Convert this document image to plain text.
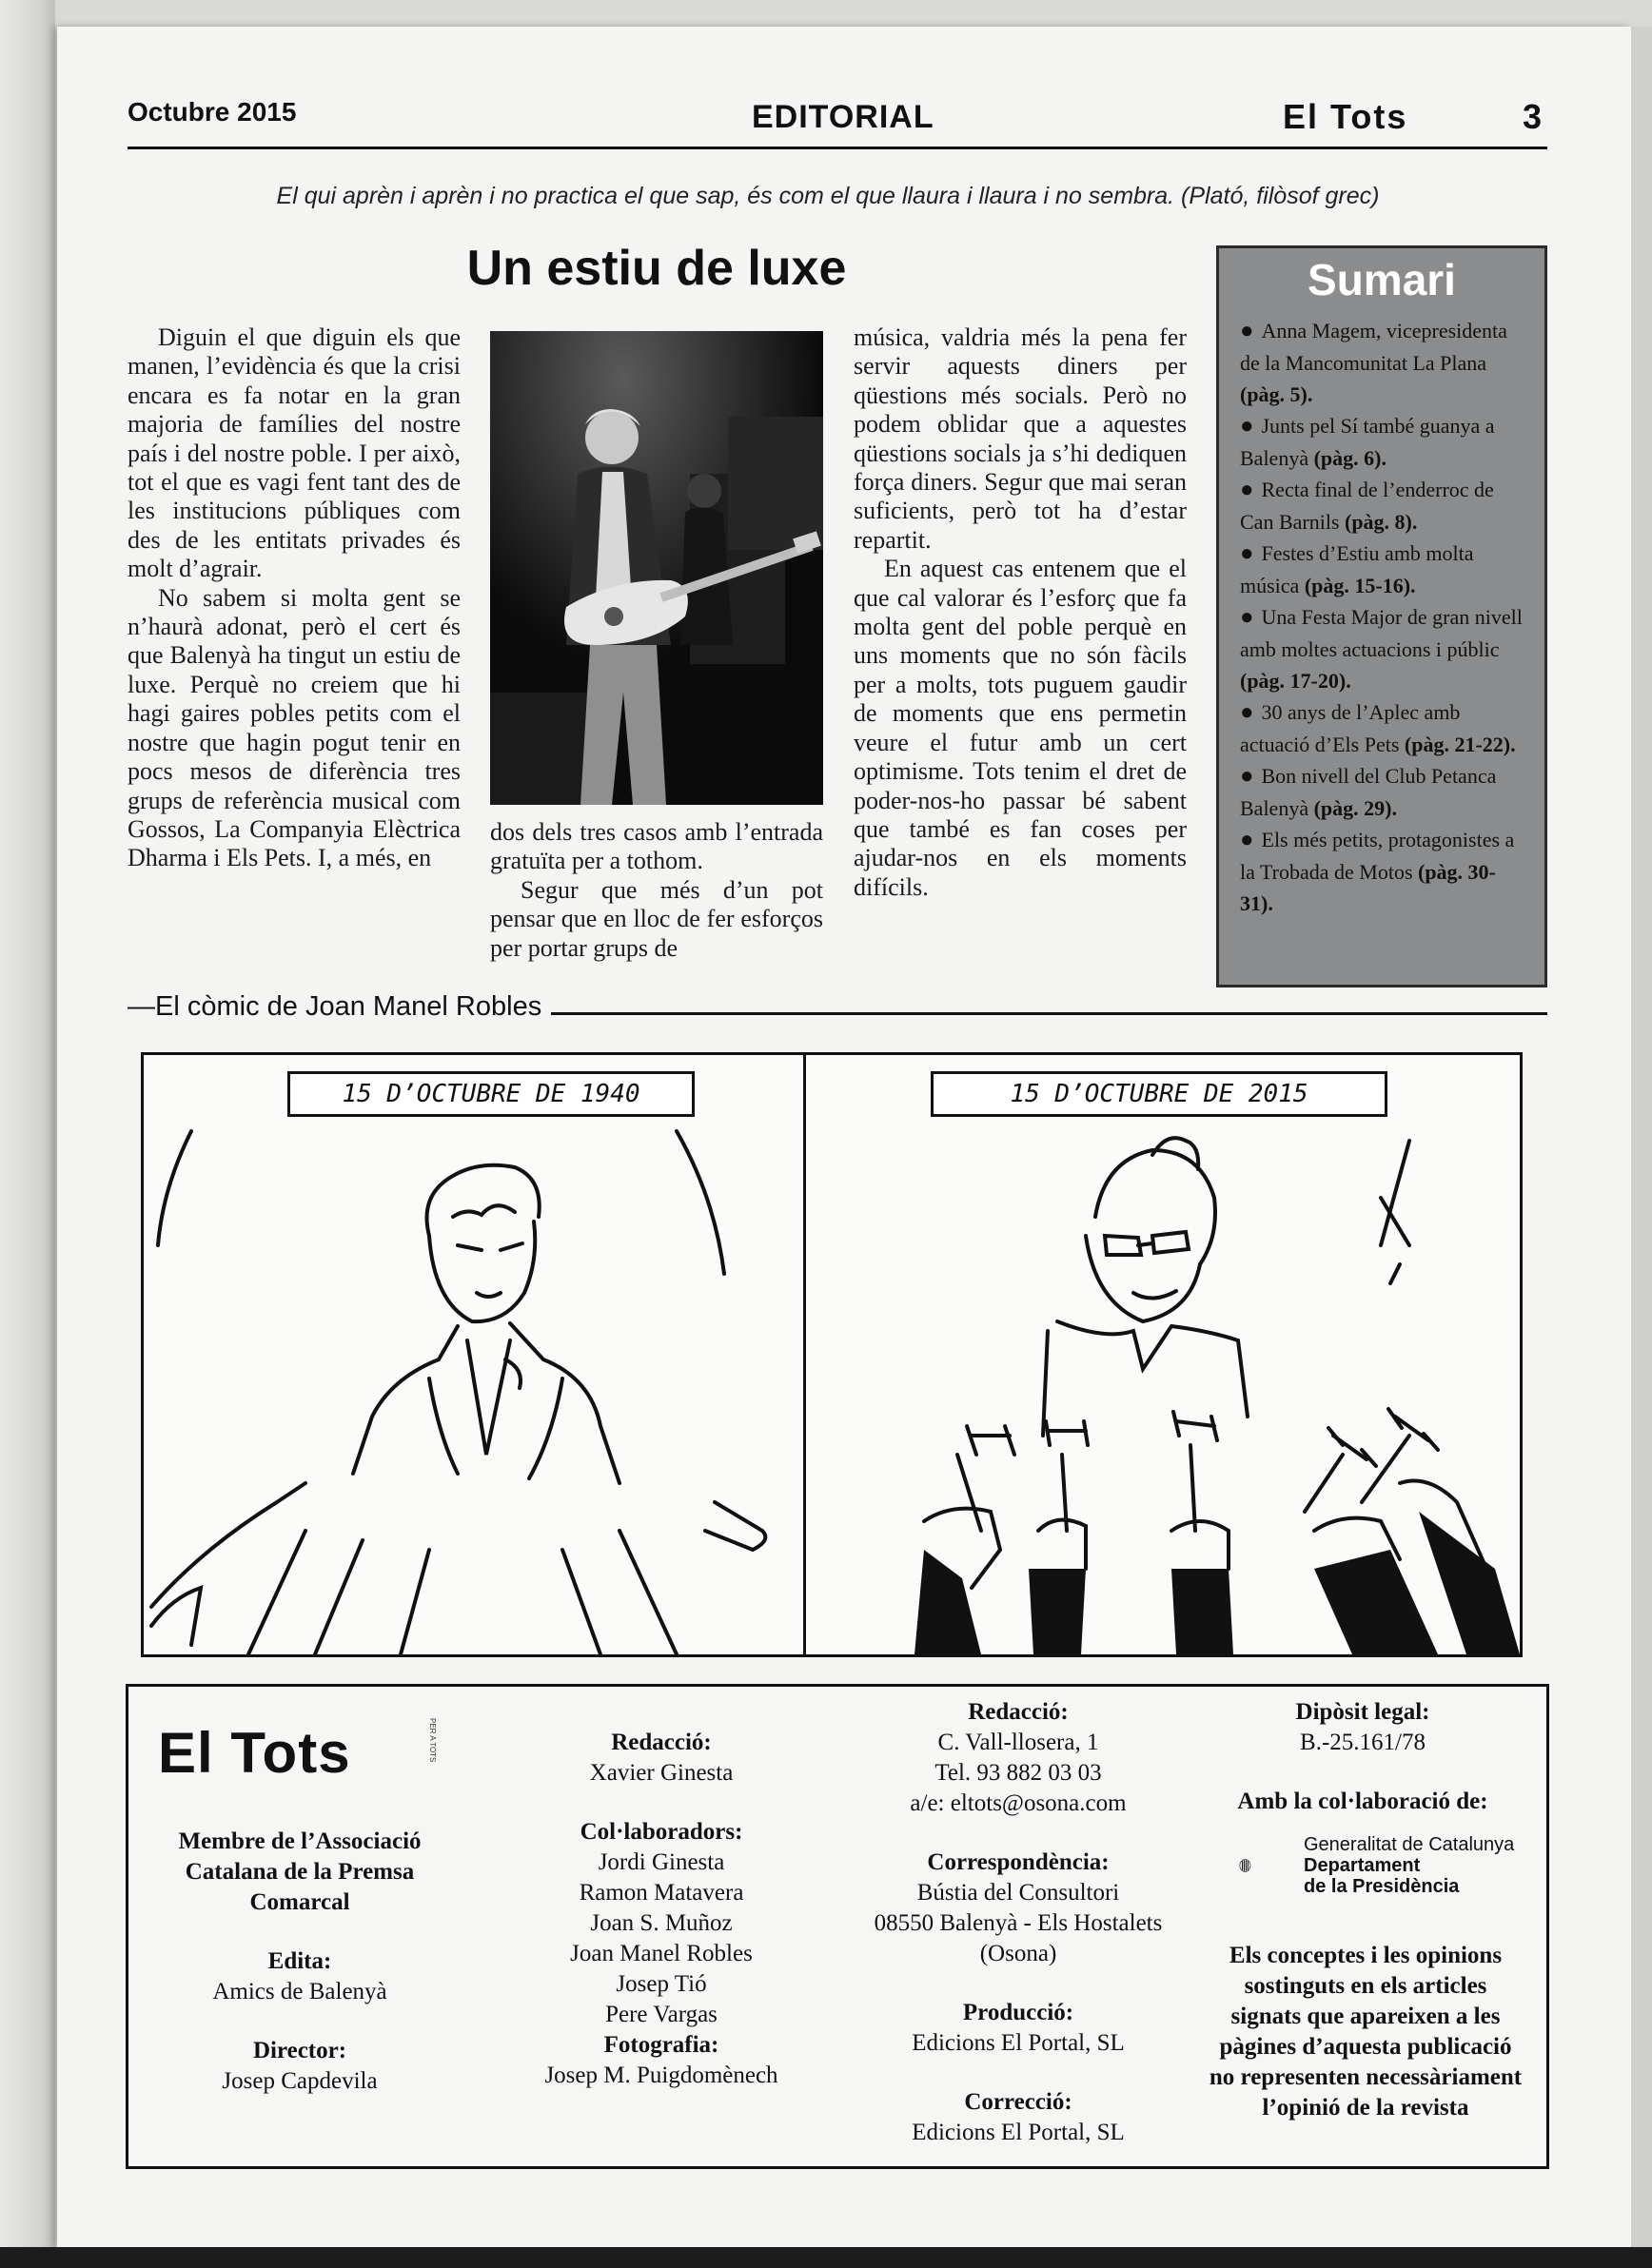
Octubre 2015	EDITORIAL	El Tots	3
El qui aprèn i aprèn i no practica el que sap, és com el que llaura i llaura i no sembra. (Plató, filòsof grec)
Un estiu de luxe

Diguin el que diguin els que manen, l’evidència és que la crisi encara es fa notar en la gran majoria de famílies del nostre país i del nostre poble. I per això, tot el que es vagi fent tant des de les institucions públiques com des de les entitats privades és molt d’agrair.

No sabem si molta gent se n’haurà adonat, però el cert és que Balenyà ha tingut un estiu de luxe. Perquè no creiem que hi hagi gaires pobles petits com el nostre que hagin pogut tenir en pocs mesos de diferència tres grups de referència musical com Gossos, La Companyia Elèctrica Dharma i Els Pets. I, a més, en

dos dels tres casos amb l’entrada gratuïta per a tothom.

Segur que més d’un pot pensar que en lloc de fer esforços per portar grups de

música, valdria més la pena fer servir aquests diners per qüestions més socials. Però no podem oblidar que a aquestes qüestions socials ja s’hi dediquen força diners. Segur que mai seran suficients, però tot ha d’estar repartit.

En aquest cas entenem que el que cal valorar és l’esforç que fa molta gent del poble perquè en uns moments que no són fàcils per a molts, tots puguem gaudir de moments que ens permetin veure el futur amb un cert optimisme. Tots tenim el dret de poder-nos-ho passar bé sabent que també es fan coses per ajudar-nos en els moments difícils.

Sumari
● Anna Magem, vicepresidenta de la Mancomunitat La Plana (pàg. 5).
● Junts pel Sí també guanya a Balenyà (pàg. 6).
● Recta final de l’enderroc de Can Barnils (pàg. 8).
● Festes d’Estiu amb molta música (pàg. 15-16).
● Una Festa Major de gran nivell amb moltes actuacions i públic (pàg. 17-20).
● 30 anys de l’Aplec amb actuació d’Els Pets (pàg. 21-22).
● Bon nivell del Club Petanca Balenyà (pàg. 29).
● Els més petits, protagonistes a la Trobada de Motos (pàg. 30-31).
—El còmic de Joan Manel Robles
15 D’OCTUBRE DE 1940	15 D’OCTUBRE DE 2015
El Tots	PER A TOTS
Membre de l’Associació Catalana de la Premsa Comarcal
Edita:
Amics de Balenyà
Director:
Josep Capdevila
Redacció:
Xavier Ginesta
Col·laboradors:
Jordi Ginesta
Ramon Matavera
Joan S. Muñoz
Joan Manel Robles
Josep Tió
Pere Vargas
Fotografia:
Josep M. Puigdomènech
Redacció:
C. Vall-llosera, 1
Tel. 93 882 03 03
a/e: eltots@osona.com
Correspondència:
Bústia del Consultori
08550 Balenyà - Els Hostalets
(Osona)
Producció:
Edicions El Portal, SL
Correcció:
Edicions El Portal, SL
Dipòsit legal:
B.-25.161/78
Amb la col·laboració de:
Generalitat de Catalunya
Departament
de la Presidència
Els conceptes i les opinions sostinguts en els articles signats que apareixen a les pàgines d’aquesta publicació no representen necessàriament l’opinió de la revista
